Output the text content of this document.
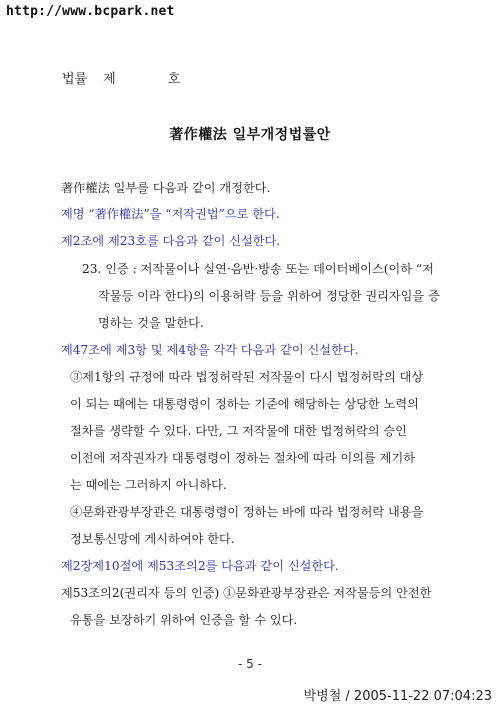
http://www.bcpark.net
법률 제	호
著作權法 일부개정법률안
著作權法 일부를 다음과 같이 개정한다.
제명 “著作權法”을 “저작권법”으로 한다.
제2조에 제23호를 다음과 같이 신설한다.
23. 인증 : 저작물이나 실연·음반·방송 또는 데이터베이스(이하 “저
작물등 이라 한다)의 이용허락 등을 위하여 정당한 권리자임을 증
명하는 것을 말한다.
제47조에 제3항 및 제4항을 각각 다음과 같이 신설한다.
③제1항의 규정에 따라 법정허락된 저작물이 다시 법정허락의 대상
이 되는 때에는 대통령령이 정하는 기준에 해당하는 상당한 노력의
절차를 생략할 수 있다. 다만, 그 저작물에 대한 법정허락의 승인
이전에 저작권자가 대통령령이 정하는 절차에 따라 이의를 제기하
는 때에는 그러하지 아니하다.
④문화관광부장관은 대통령령이 정하는 바에 따라 법정허락 내용을
정보통신망에 게시하여야 한다.
제2장제10절에 제53조의2를 다음과 같이 신설한다.
제53조의2(권리자 등의 인증) ①문화관광부장관은 저작물등의 안전한
유통을 보장하기 위하여 인증을 할 수 있다.
- 5 -
박병철 / 2005-11-22 07:04:23
